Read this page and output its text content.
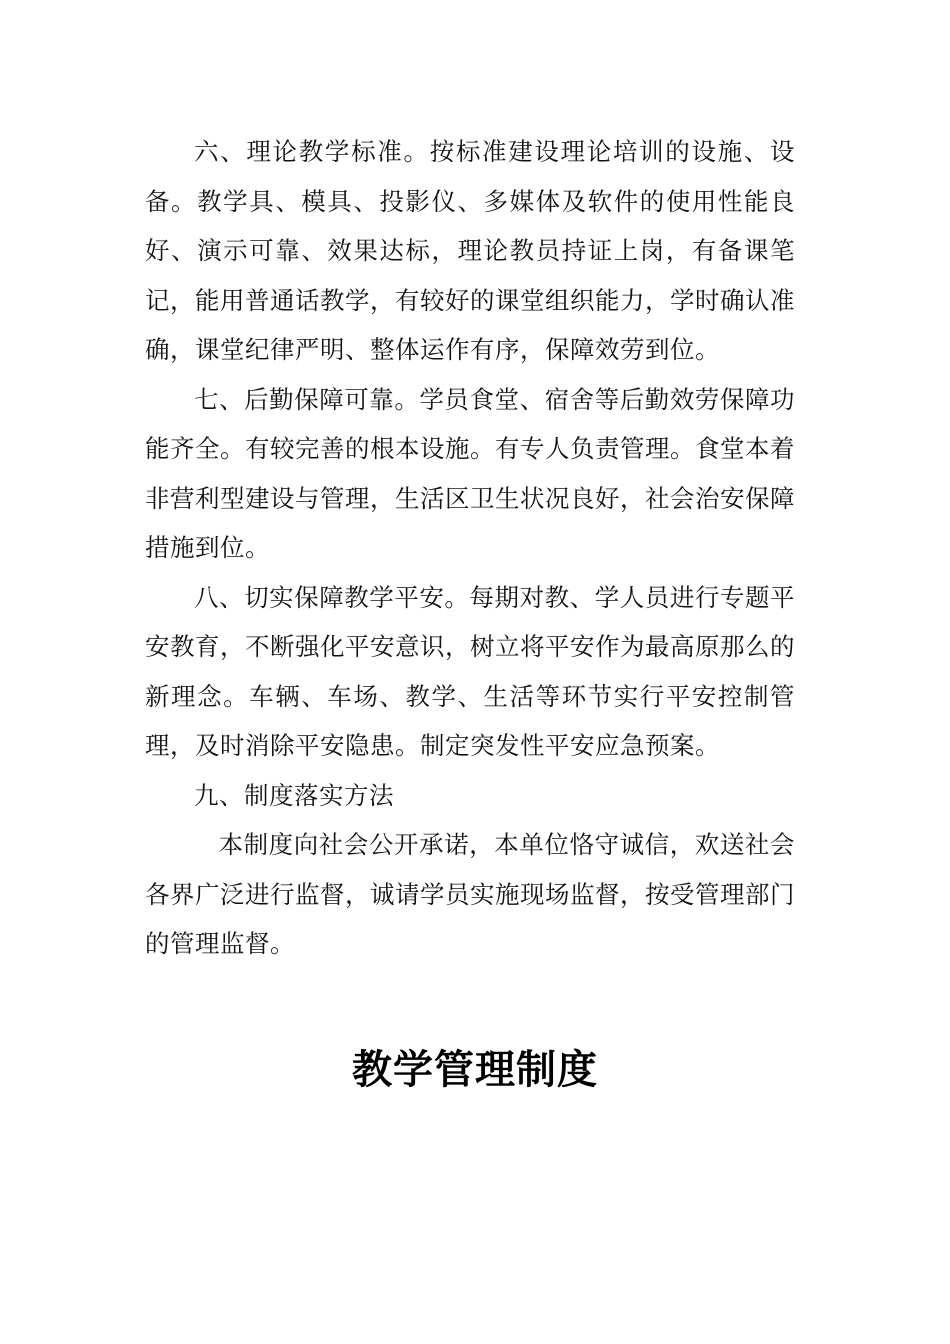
六、理论教学标准。按标准建设理论培训的设施、设备。教学具、模具、投影仪、多媒体及软件的使用性能良好、演示可靠、效果达标，理论教员持证上岗，有备课笔记，能用普通话教学，有较好的课堂组织能力，学时确认准确，课堂纪律严明、整体运作有序，保障效劳到位。

七、后勤保障可靠。学员食堂、宿舍等后勤效劳保障功能齐全。有较完善的根本设施。有专人负责管理。食堂本着非营利型建设与管理，生活区卫生状况良好，社会治安保障措施到位。

八、切实保障教学平安。每期对教、学人员进行专题平安教育，不断强化平安意识，树立将平安作为最高原那么的新理念。车辆、车场、教学、生活等环节实行平安控制管理，及时消除平安隐患。制定突发性平安应急预案。

九、制度落实方法

本制度向社会公开承诺，本单位恪守诚信，欢送社会各界广泛进行监督，诚请学员实施现场监督，按受管理部门的管理监督。

教学管理制度
